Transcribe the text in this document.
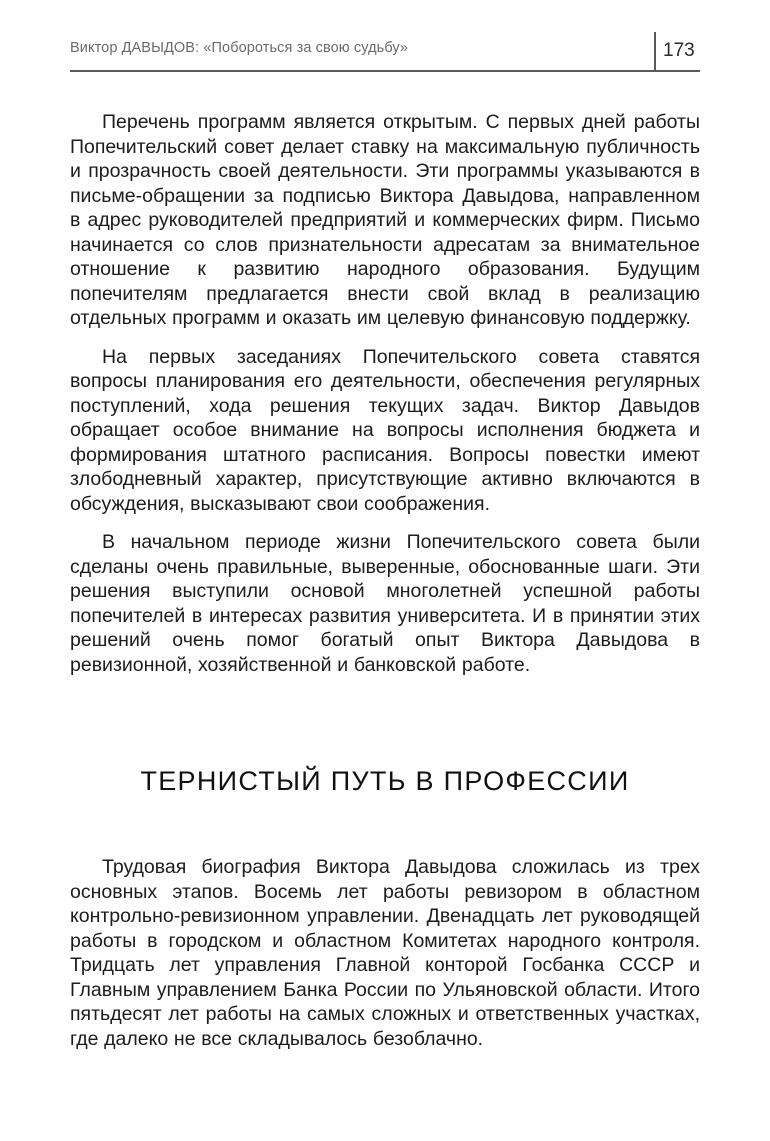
Виктор ДАВЫДОВ: «Побороться за свою судьбу»	173

Перечень программ является открытым. С первых дней работы Попечительский совет делает ставку на максимальную публичность и прозрачность своей деятельности. Эти программы указываются в письме-обращении за подписью Виктора Давыдова, направленном в адрес руководителей предприятий и коммерческих фирм. Письмо начинается со слов признательности адресатам за внимательное отношение к развитию народного образования. Будущим попечителям предлагается внести свой вклад в реализацию отдельных программ и оказать им целевую финансовую поддержку.

На первых заседаниях Попечительского совета ставятся вопросы планирования его деятельности, обеспечения регулярных поступлений, хода решения текущих задач. Виктор Давыдов обращает особое внимание на вопросы исполнения бюджета и формирования штатного расписания. Вопросы повестки имеют злободневный характер, присутствующие активно включаются в обсуждения, высказывают свои соображения.

В начальном периоде жизни Попечительского совета были сделаны очень правильные, выверенные, обоснованные шаги. Эти решения выступили основой многолетней успешной работы попечителей в интересах развития университета. И в принятии этих решений очень помог богатый опыт Виктора Давыдова в ревизионной, хозяйственной и банковской работе.

ТЕРНИСТЫЙ ПУТЬ В ПРОФЕССИИ

Трудовая биография Виктора Давыдова сложилась из трех основных этапов. Восемь лет работы ревизором в областном контрольно-ревизионном управлении. Двенадцать лет руководящей работы в городском и областном Комитетах народного контроля. Тридцать лет управления Главной конторой Госбанка СССР и Главным управлением Банка России по Ульяновской области. Итого пятьдесят лет работы на самых сложных и ответственных участках, где далеко не все складывалось безоблачно.
